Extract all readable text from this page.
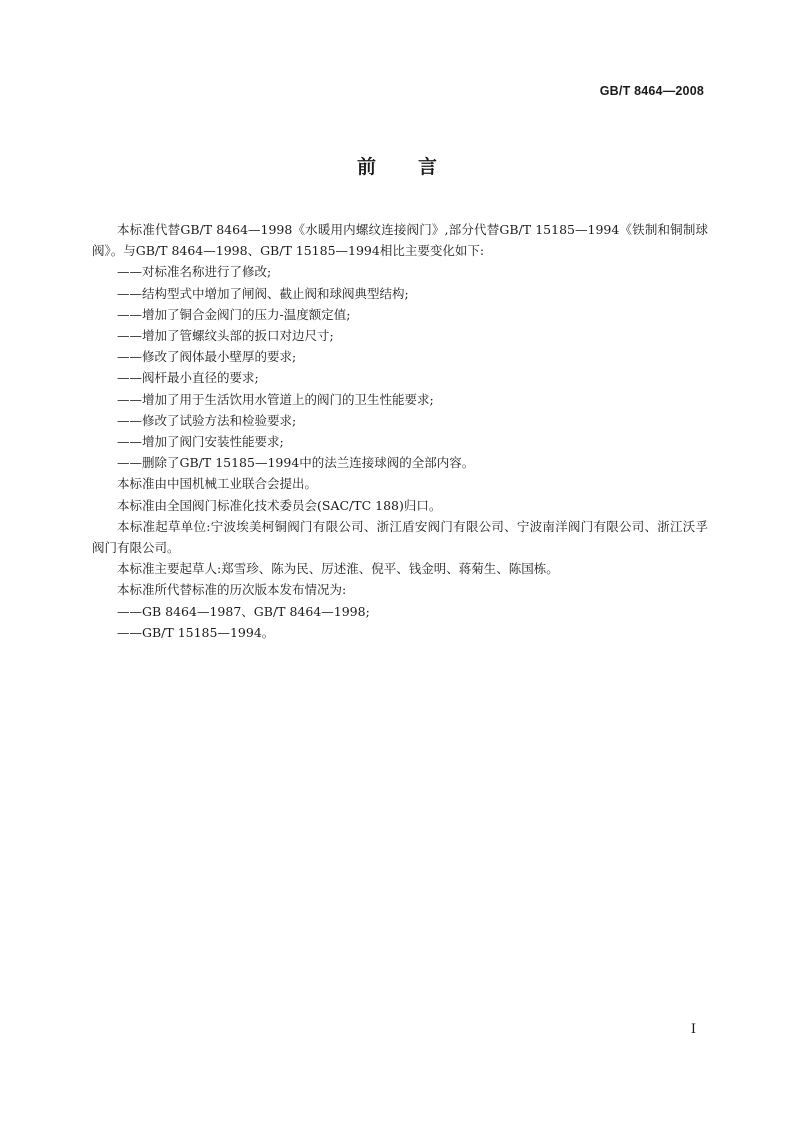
GB/T 8464—2008
前 言

本标准代替GB/T 8464—1998《水暖用内螺纹连接阀门》,部分代替GB/T 15185—1994《铁制和铜制球阀》。与GB/T 8464—1998、GB/T 15185—1994相比主要变化如下:

——对标准名称进行了修改;

——结构型式中增加了闸阀、截止阀和球阀典型结构;

——增加了铜合金阀门的压力-温度额定值;

——增加了管螺纹头部的扳口对边尺寸;

——修改了阀体最小壁厚的要求;

——阀杆最小直径的要求;

——增加了用于生活饮用水管道上的阀门的卫生性能要求;

——修改了试验方法和检验要求;

——增加了阀门安装性能要求;

——删除了GB/T 15185—1994中的法兰连接球阀的全部内容。

本标准由中国机械工业联合会提出。

本标准由全国阀门标准化技术委员会(SAC/TC 188)归口。

本标准起草单位:宁波埃美柯铜阀门有限公司、浙江盾安阀门有限公司、宁波南洋阀门有限公司、浙江沃孚阀门有限公司。

本标准主要起草人:郑雪珍、陈为民、厉述淮、倪平、钱金明、蒋菊生、陈国栋。

本标准所代替标准的历次版本发布情况为:

——GB 8464—1987、GB/T 8464—1998;

——GB/T 15185—1994。

I
